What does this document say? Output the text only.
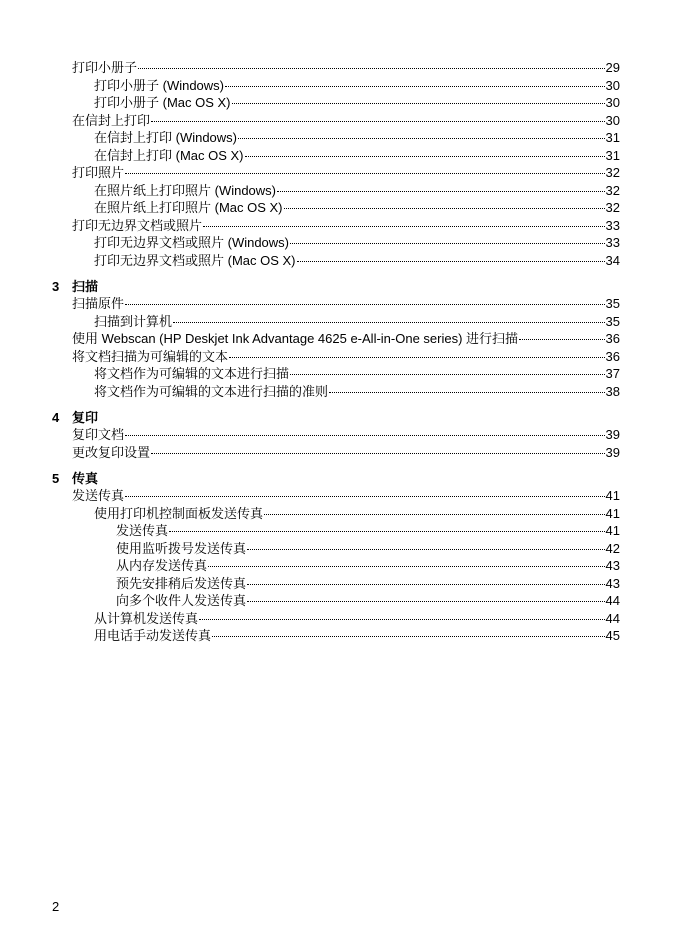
打印小册子	29
打印小册子 (Windows)	30
打印小册子 (Mac OS X)	30
在信封上打印	30
在信封上打印 (Windows)	31
在信封上打印 (Mac OS X)	31
打印照片	32
在照片纸上打印照片 (Windows)	32
在照片纸上打印照片 (Mac OS X)	32
打印无边界文档或照片	33
打印无边界文档或照片 (Windows)	33
打印无边界文档或照片 (Mac OS X)	34
3 扫描
扫描原件	35
扫描到计算机	35
使用 Webscan (HP Deskjet Ink Advantage 4625 e-All-in-One series) 进行扫描	36
将文档扫描为可编辑的文本	36
将文档作为可编辑的文本进行扫描	37
将文档作为可编辑的文本进行扫描的准则	38
4 复印
复印文档	39
更改复印设置	39
5 传真
发送传真	41
使用打印机控制面板发送传真	41
发送传真	41
使用监听拨号发送传真	42
从内存发送传真	43
预先安排稍后发送传真	43
向多个收件人发送传真	44
从计算机发送传真	44
用电话手动发送传真	45
2
